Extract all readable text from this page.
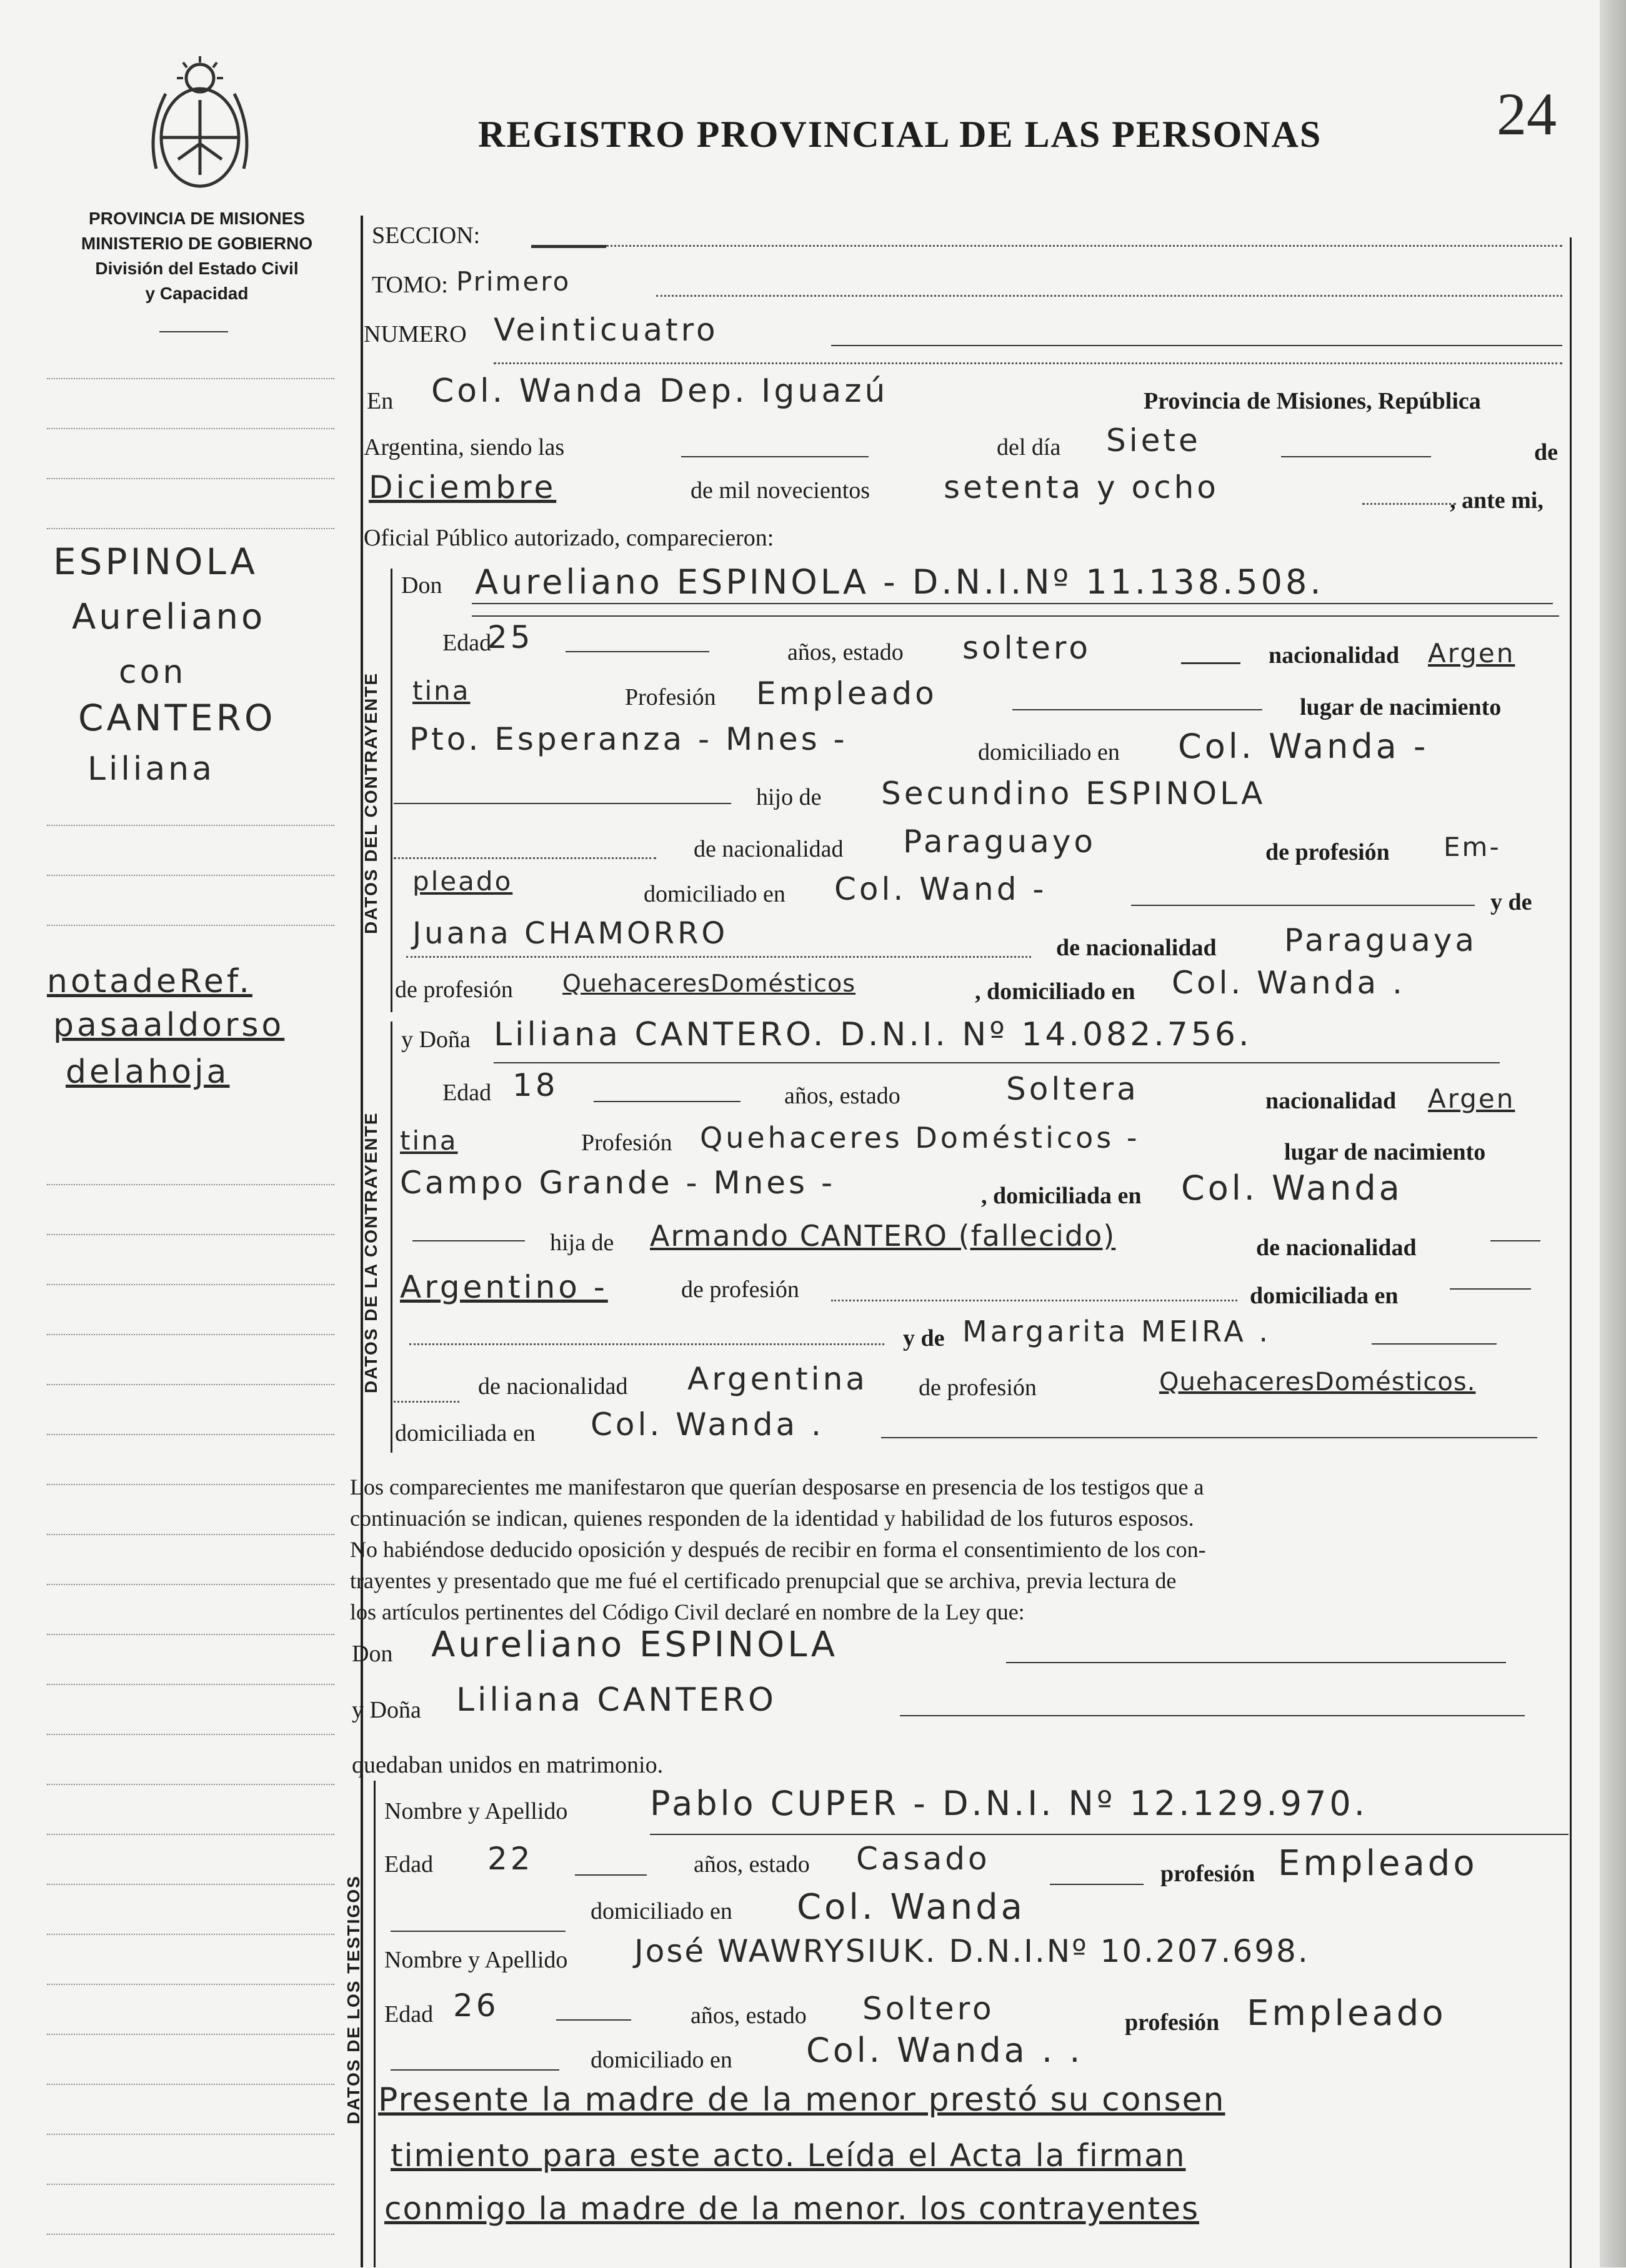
REGISTRO PROVINCIAL DE LAS PERSONAS	24
PROVINCIA DE MISIONES
MINISTERIO DE GOBIERNO
División del Estado Civil
y Capacidad
ESPINOLA
Aureliano
con
CANTERO
Liliana
notadeRef.
pasaaldorso
delahoja
SECCION:
TOMO: Primero
NUMERO Veinticuatro
En Col. Wanda Dep. Iguazú	Provincia de Misiones, República
Argentina, siendo las	del día Siete	de
Diciembre	de mil novecientos setenta y ocho	, ante mi,
Oficial Público autorizado, comparecieron:
DATOS DEL CONTRAYENTE
Don Aureliano ESPINOLA - D.N.I.Nº 11.138.508.
Edad
25	años, estado soltero	nacionalidad Argen
tina	Profesión Empleado	lugar de nacimiento
Pto. Esperanza - Mnes -	domiciliado en Col. Wanda -
hijo de Secundino ESPINOLA
de nacionalidad Paraguayo	de profesión Em-
pleado	domiciliado en Col. Wand -	y de
Juana CHAMORRO	de nacionalidad Paraguaya
de profesión QuehaceresDomésticos	, domiciliado en Col. Wanda .
DATOS DE LA CONTRAYENTE
y Doña Liliana CANTERO. D.N.I. Nº 14.082.756.
Edad 18	años, estado	Soltera	nacionalidad Argen
tina	Profesión Quehaceres Domésticos -	lugar de nacimiento
Campo Grande - Mnes -	, domiciliada en Col. Wanda
hija de Armando CANTERO (fallecido)	de nacionalidad
Argentino -	de profesión	domiciliada en
y de Margarita MEIRA .
de nacionalidad Argentina de profesión	QuehaceresDomésticos.
domiciliada en Col. Wanda .
Los comparecientes me manifestaron que querían desposarse en presencia de los testigos que a
continuación se indican, quienes responden de la identidad y habilidad de los futuros esposos.
No habiéndose deducido oposición y después de recibir en forma el consentimiento de los con-
trayentes y presentado que me fué el certificado prenupcial que se archiva, previa lectura de
los artículos pertinentes del Código Civil declaré en nombre de la Ley que:
Don Aureliano ESPINOLA
y Doña Liliana CANTERO
quedaban unidos en matrimonio.
DATOS DE LOS TESTIGOS
Nombre y Apellido Pablo CUPER - D.N.I. Nº 12.129.970.
Edad 22	años, estado Casado	profesión Empleado
domiciliado en Col. Wanda
Nombre y Apellido José WAWRYSIUK. D.N.I.Nº 10.207.698.
Edad 26	años, estado Soltero	profesión Empleado
domiciliado en Col. Wanda . .
Presente la madre de la menor prestó su consen
timiento para este acto. Leída el Acta la firman
conmigo la madre de la menor. los contrayentes
